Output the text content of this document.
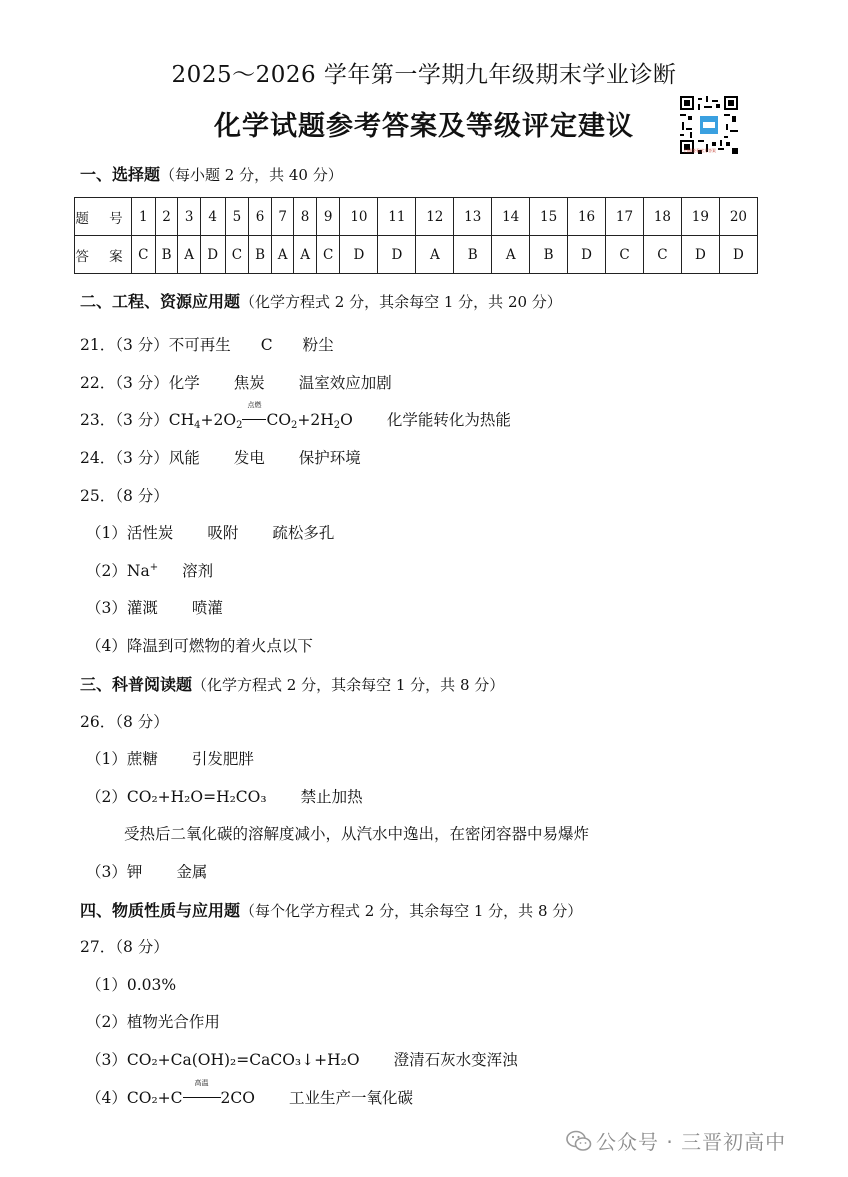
2025～2026 学年第一学期九年级期末学业诊断
化学试题参考答案及等级评定建议
扫描查看官方答案
一、选择题（每小题 2 分，共 40 分）
题 号	1	2	3	4	5	6	7	8	9	10	11	12	13	14	15	16	17	18	19	20
答 案	C	B	A	D	C	B	A	A	C	D	D	A	B	A	B	D	C	C	D	D
二、工程、资源应用题（化学方程式 2 分，其余每空 1 分，共 20 分）
21．（3 分）不可再生 C 粉尘
22．（3 分）化学 焦炭 温室效应加剧
23．（3 分）$CH_4+2O_2$
点燃
$CO_2+2H_2O$ 化学能转化为热能
24．（3 分）风能 发电 保护环境
25．（8 分）
（1）活性炭 吸附 疏松多孔
（2）Na+ 溶剂
（3）灌溉 喷灌
（4）降温到可燃物的着火点以下
三、科普阅读题（化学方程式 2 分，其余每空 1 分，共 8 分）
26．（8 分）
（1）蔗糖 引发肥胖
（2）CO₂+H₂O=H₂CO₃ 禁止加热
受热后二氧化碳的溶解度减小，从汽水中逸出，在密闭容器中易爆炸
（3）钾 金属
四、物质性质与应用题（每个化学方程式 2 分，其余每空 1 分，共 8 分）
27．（8 分）
（1）0.03%
（2）植物光合作用
（3）CO₂+Ca(OH)₂=CaCO₃↓+H₂O 澄清石灰水变浑浊
（4）CO₂+C
高温
2CO 工业生产一氧化碳
公众号 · 三晋初高中
